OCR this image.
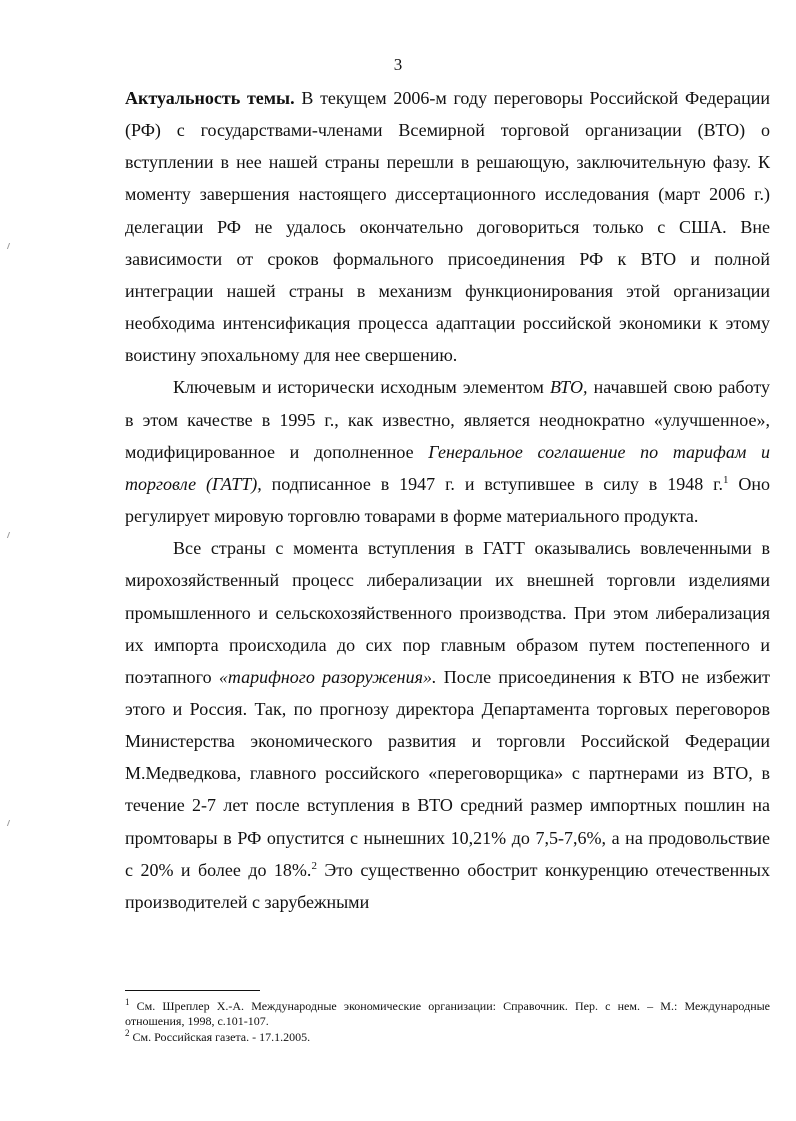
3

Актуальность темы. В текущем 2006-м году переговоры Российской Федерации (РФ) с государствами-членами Всемирной торговой организации (ВТО) о вступлении в нее нашей страны перешли в решающую, заключительную фазу. К моменту завершения настоящего диссертационного исследования (март 2006 г.) делегации РФ не удалось окончательно договориться только с США. Вне зависимости от сроков формального присоединения РФ к ВТО и полной интеграции нашей страны в механизм функционирования этой организации необходима интенсификация процесса адаптации российской экономики к этому воистину эпохальному для нее свершению.

Ключевым и исторически исходным элементом ВТО, начавшей свою работу в этом качестве в 1995 г., как известно, является неоднократно «улучшенное», модифицированное и дополненное Генеральное соглашение по тарифам и торговле (ГАТТ), подписанное в 1947 г. и вступившее в силу в 1948 г.$^1$ Оно регулирует мировую торговлю товарами в форме материального продукта.

Все страны с момента вступления в ГАТТ оказывались вовлеченными в мирохозяйственный процесс либерализации их внешней торговли изделиями промышленного и сельскохозяйственного производства. При этом либерализация их импорта происходила до сих пор главным образом путем постепенного и поэтапного «тарифного разоружения». После присоединения к ВТО не избежит этого и Россия. Так, по прогнозу директора Департамента торговых переговоров Министерства экономического развития и торговли Российской Федерации М.Медведкова, главного российского «переговорщика» с партнерами из ВТО, в течение 2-7 лет после вступления в ВТО средний размер импортных пошлин на промтовары в РФ опустится с нынешних 10,21% до 7,5-7,6%, а на продовольствие с 20% и более до 18%.$^2$ Это существенно обострит конкуренцию отечественных производителей с зарубежными

$^1$ См. Шреплер Х.-А. Международные экономические организации: Справочник. Пер. с нем. – М.: Международные отношения, 1998, с.101-107.

$^2$ См. Российская газета. - 17.1.2005.
